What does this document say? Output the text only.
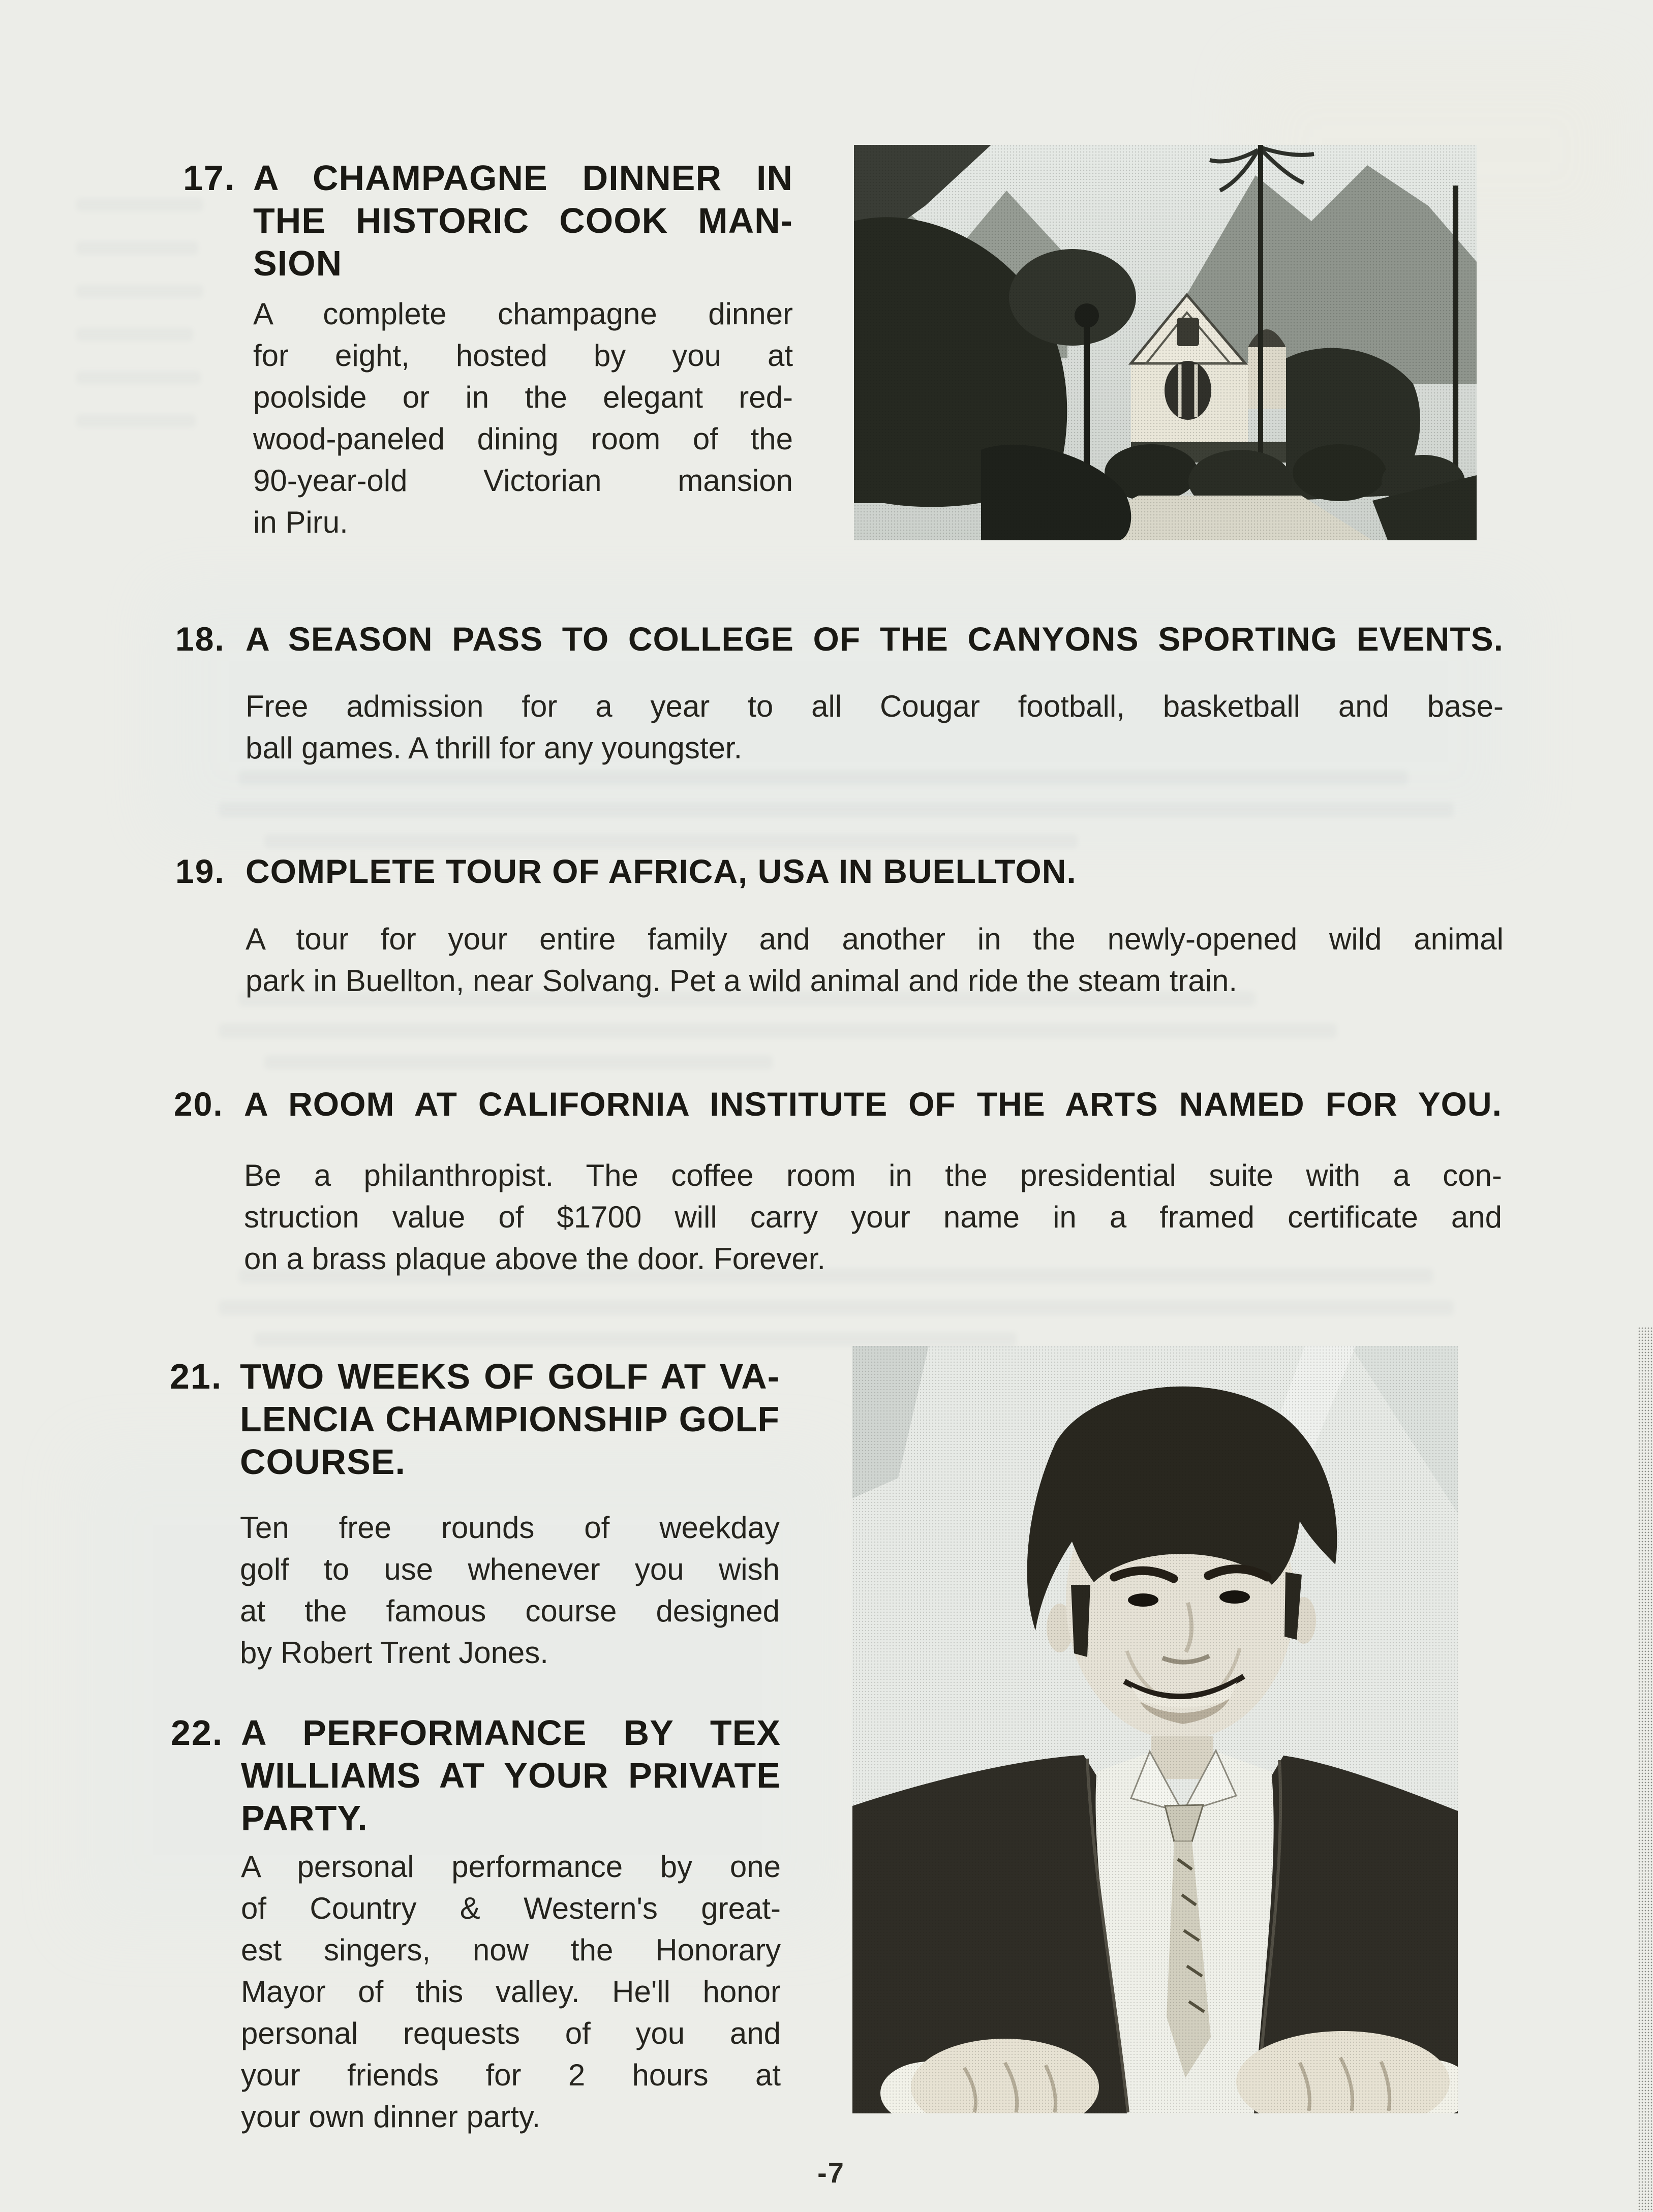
17. A CHAMPAGNE DINNER IN
THE HISTORIC COOK MAN-
SION
A complete champagne dinner
for eight, hosted by you at
poolside or in the elegant red-
wood-paneled dining room of the
90-year-old Victorian mansion
in Piru.
18. A SEASON PASS TO COLLEGE OF THE CANYONS SPORTING EVENTS.
Free admission for a year to all Cougar football, basketball and base-
ball games. A thrill for any youngster.
19. COMPLETE TOUR OF AFRICA, USA IN BUELLTON.
A tour for your entire family and another in the newly-opened wild animal
park in Buellton, near Solvang. Pet a wild animal and ride the steam train.
20. A ROOM AT CALIFORNIA INSTITUTE OF THE ARTS NAMED FOR YOU.
Be a philanthropist. The coffee room in the presidential suite with a con-
struction value of $1700 will carry your name in a framed certificate and
on a brass plaque above the door. Forever.
21. TWO WEEKS OF GOLF AT VA-
LENCIA CHAMPIONSHIP GOLF
COURSE.
Ten free rounds of weekday
golf to use whenever you wish
at the famous course designed
by Robert Trent Jones.
22. A PERFORMANCE BY TEX
WILLIAMS AT YOUR PRIVATE
PARTY.
A personal performance by one
of Country & Western's great-
est singers, now the Honorary
Mayor of this valley. He'll honor
personal requests of you and
your friends for 2 hours at
your own dinner party.
-7
